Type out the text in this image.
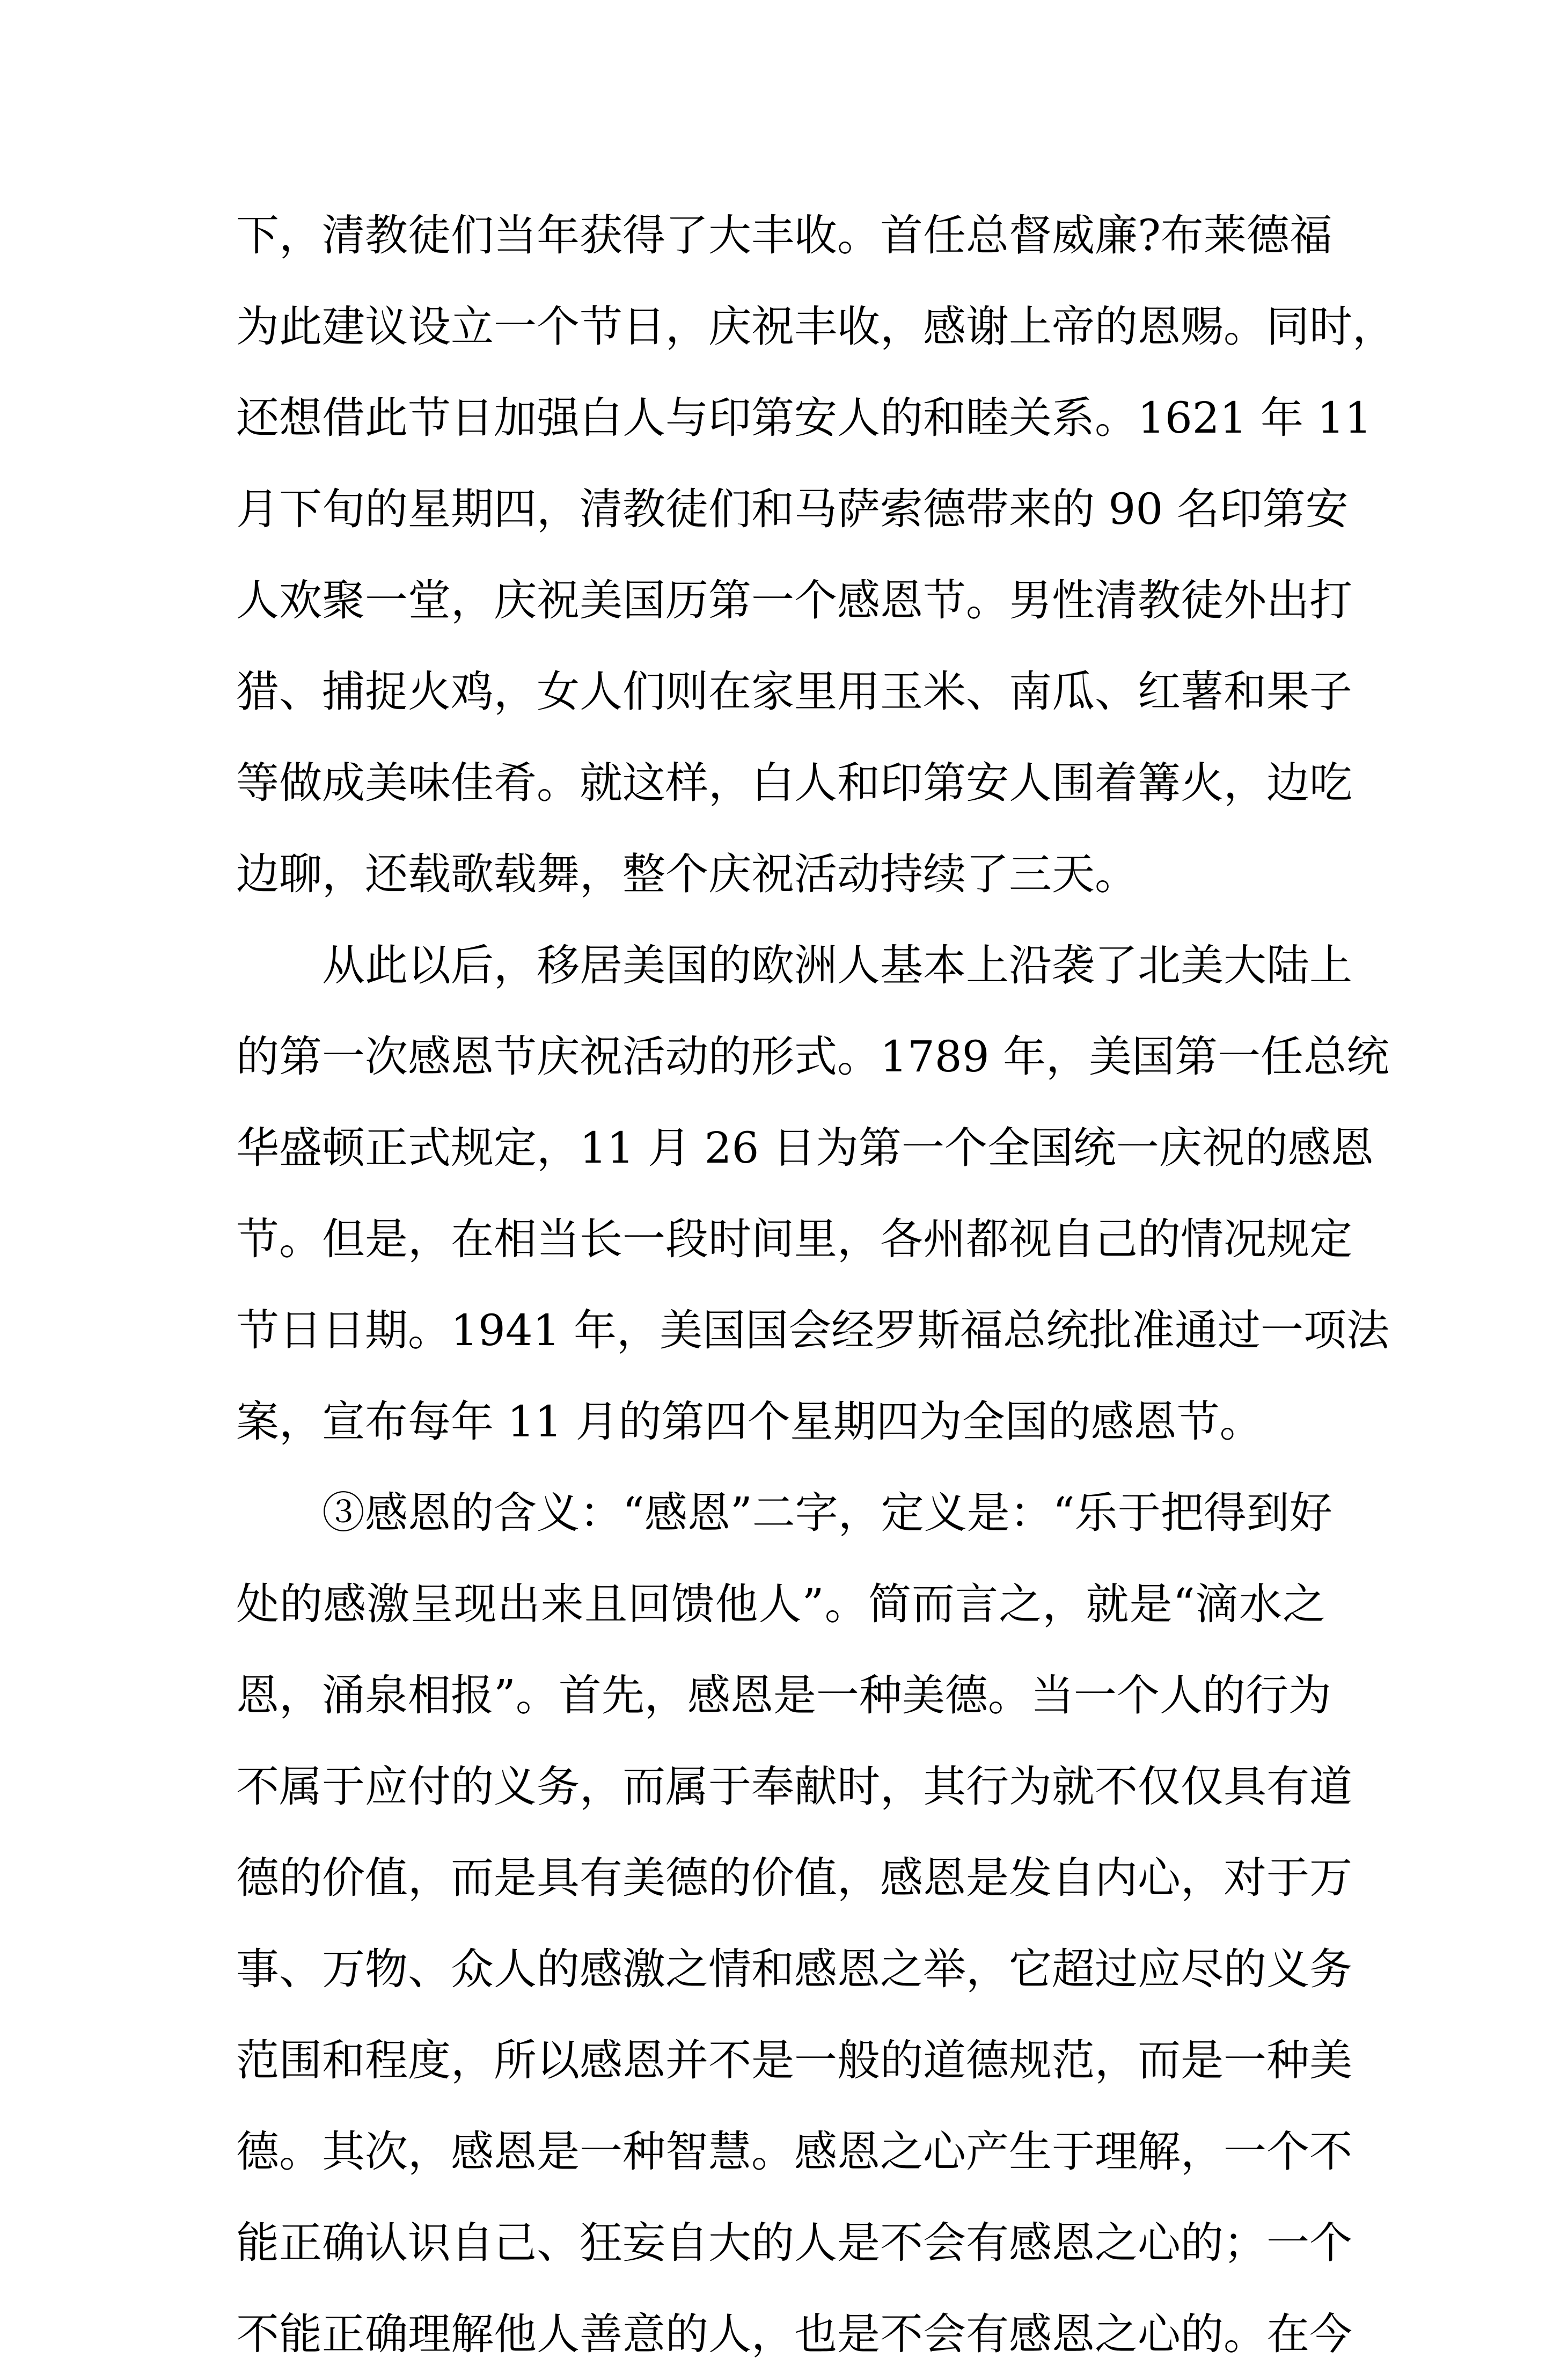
下，清教徒们当年获得了大丰收。首任总督威廉?布莱德福
为此建议设立一个节日，庆祝丰收，感谢上帝的恩赐。同时，
还想借此节日加强白人与印第安人的和睦关系。1621 年 11
月下旬的星期四，清教徒们和马萨索德带来的 90 名印第安
人欢聚一堂，庆祝美国历第一个感恩节。男性清教徒外出打
猎、捕捉火鸡，女人们则在家里用玉米、南瓜、红薯和果子
等做成美味佳肴。就这样，白人和印第安人围着篝火，边吃
边聊，还载歌载舞，整个庆祝活动持续了三天。
从此以后，移居美国的欧洲人基本上沿袭了北美大陆上
的第一次感恩节庆祝活动的形式。1789 年，美国第一任总统
华盛顿正式规定，11 月 26 日为第一个全国统一庆祝的感恩
节。但是，在相当长一段时间里，各州都视自己的情况规定
节日日期。1941 年，美国国会经罗斯福总统批准通过一项法
案，宣布每年 11 月的第四个星期四为全国的感恩节。
③感恩的含义：“感恩”二字，定义是：“乐于把得到好
处的感激呈现出来且回馈他人”。简而言之，就是“滴水之
恩，涌泉相报”。首先，感恩是一种美德。当一个人的行为
不属于应付的义务，而属于奉献时，其行为就不仅仅具有道
德的价值，而是具有美德的价值，感恩是发自内心，对于万
事、万物、众人的感激之情和感恩之举，它超过应尽的义务
范围和程度，所以感恩并不是一般的道德规范，而是一种美
德。其次，感恩是一种智慧。感恩之心产生于理解，一个不
能正确认识自己、狂妄自大的人是不会有感恩之心的；一个
不能正确理解他人善意的人，也是不会有感恩之心的。在今
